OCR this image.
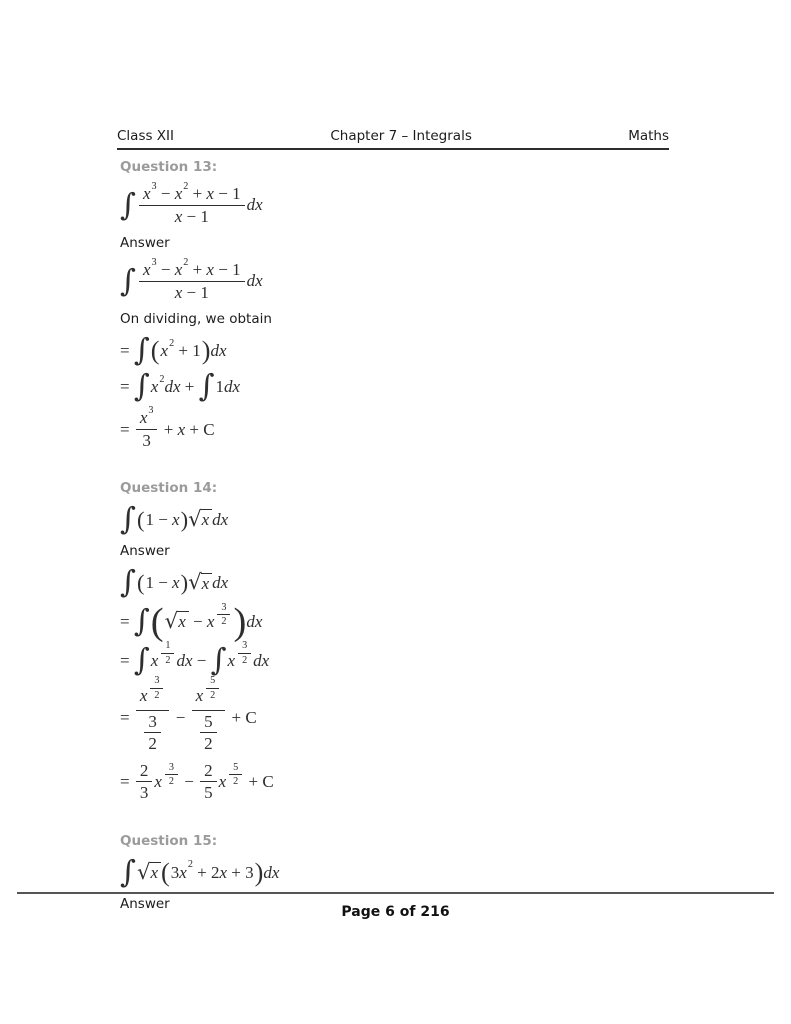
Class XII	Chapter 7 – Integrals	Maths
Question 13:
∫ $\frac{x 3 - x 2 + x - 1}{x - 1}$ dx
Answer
∫ $\frac{x 3 - x 2 + x - 1}{x - 1}$ dx
On dividing, we obtain
= ∫ ( x 2 + 1 ) dx
= ∫ x 2 dx + ∫ 1 dx
= $\frac{x 3}{3} + x + C$
Question 14:
∫ ( 1 − x ) √ x dx
Answer
∫ ( 1 − x ) √ x dx
= ∫ ( √ x − x $\frac{3}{2}$ ) dx
= ∫ x $\frac{1}{2}$ dx − ∫ x $\frac{3}{2}$ dx
= $\frac{x \frac{3}{2}}{\frac{3}{2}} - \frac{x \frac{5}{2}}{\frac{5}{2}} + C$
= $\frac{2}{3}$ x $\frac{3}{2} - \frac{2}{5}$ x $\frac{5}{2} + C$
Question 15:
∫ √ x ( 3 x 2 + 2 x + 3 ) dx
Answer	Page 6 of 216
